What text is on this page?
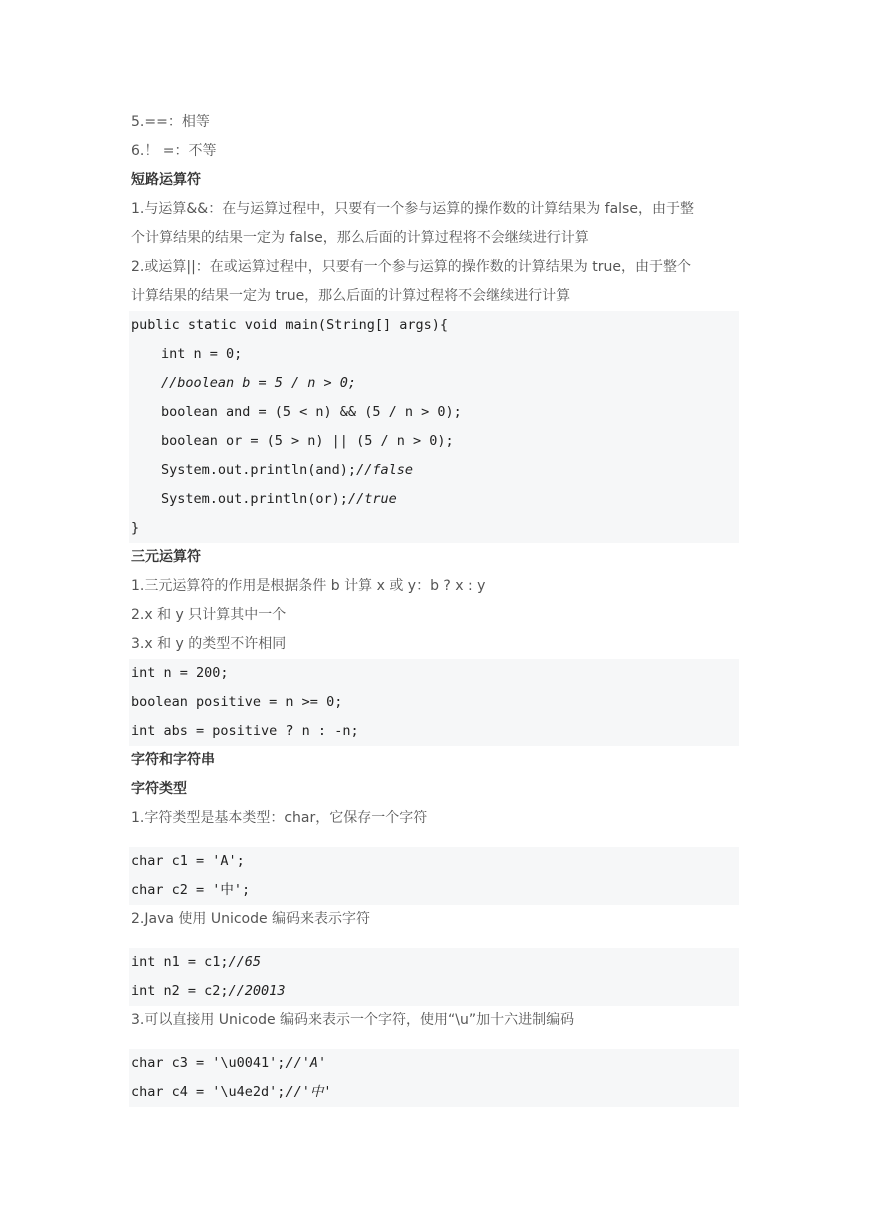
5.==：相等
6.！ =：不等
短路运算符
1.与运算&&：在与运算过程中，只要有一个参与运算的操作数的计算结果为 false，由于整
个计算结果的结果一定为 false，那么后面的计算过程将不会继续进行计算
2.或运算||：在或运算过程中，只要有一个参与运算的操作数的计算结果为 true，由于整个
计算结果的结果一定为 true，那么后面的计算过程将不会继续进行计算
public static void main(String[] args){
int n = 0;
//boolean b = 5 / n > 0;
boolean and = (5 < n) && (5 / n > 0);
boolean or = (5 > n) || (5 / n > 0);
System.out.println(and);//false
System.out.println(or);//true
}
三元运算符
1.三元运算符的作用是根据条件 b 计算 x 或 y：b ? x : y
2.x 和 y 只计算其中一个
3.x 和 y 的类型不许相同
int n = 200;
boolean positive = n >= 0;
int abs = positive ? n : -n;
字符和字符串
字符类型
1.字符类型是基本类型：char，它保存一个字符
char c1 = 'A';
char c2 = '中';
2.Java 使用 Unicode 编码来表示字符
int n1 = c1;//65
int n2 = c2;//20013
3.可以直接用 Unicode 编码来表示一个字符，使用“\u”加十六进制编码
char c3 = '\u0041';//'A'
char c4 = '\u4e2d';//'中'
